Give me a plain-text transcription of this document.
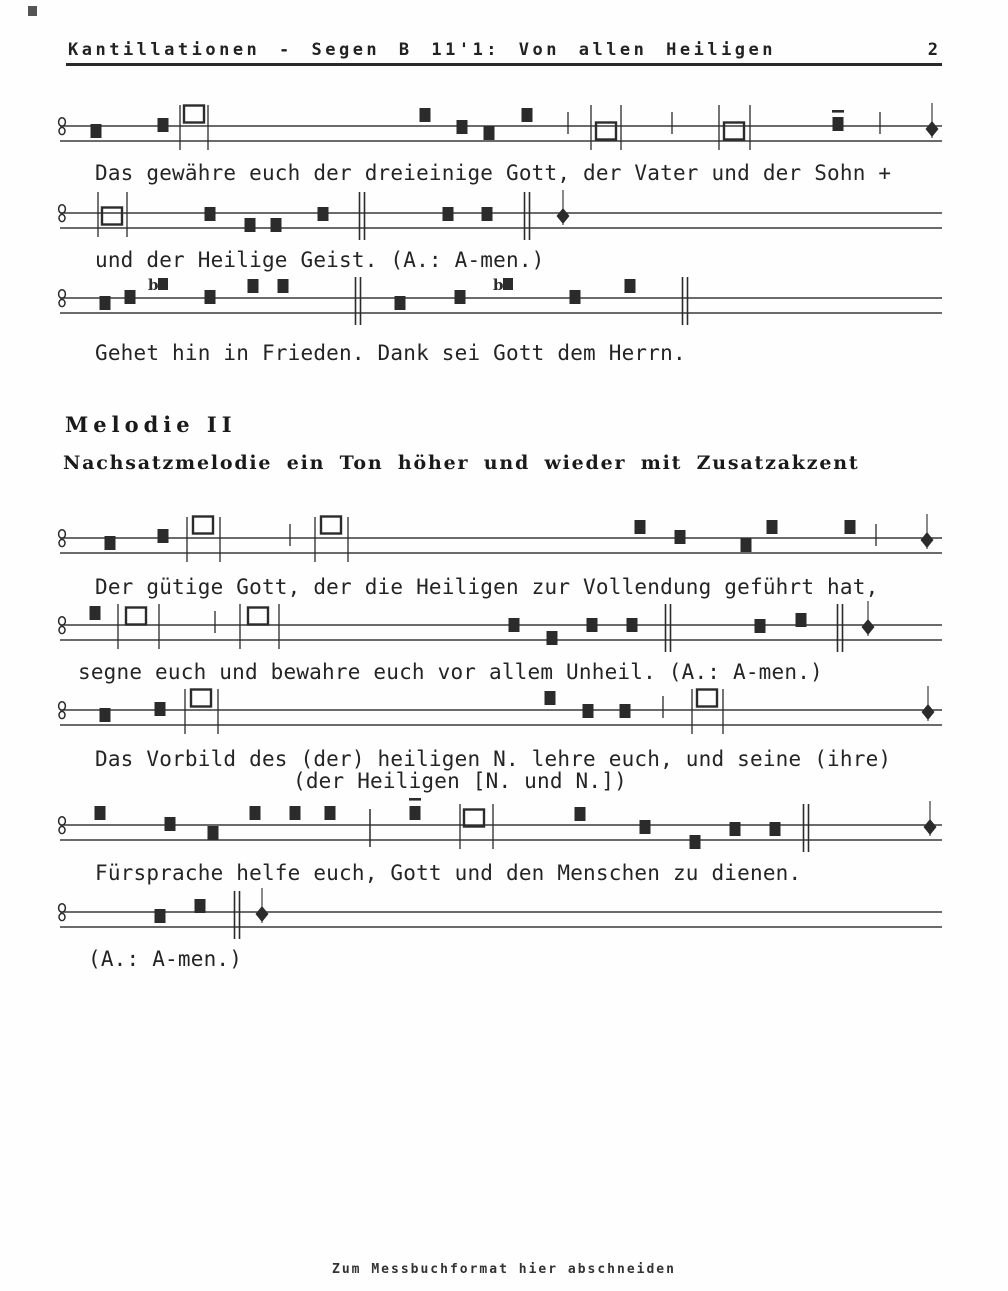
Kantillationen - Segen B 11'1: Von allen Heiligen	2
Das gewähre euch der dreieinige Gott, der Vater und der Sohn +
und der Heilige Geist. (A.: A-men.)
Gehet hin in Frieden. Dank sei Gott dem Herrn.
Melodie II
Nachsatzmelodie ein Ton höher und wieder mit Zusatzakzent
Der gütige Gott, der die Heiligen zur Vollendung geführt hat,
segne euch und bewahre euch vor allem Unheil. (A.: A-men.)
Das Vorbild des (der) heiligen N. lehre euch, und seine (ihre)
(der Heiligen [N. und N.])
Fürsprache helfe euch, Gott und den Menschen zu dienen.
(A.: A-men.)
Zum Messbuchformat hier abschneiden
b	b
